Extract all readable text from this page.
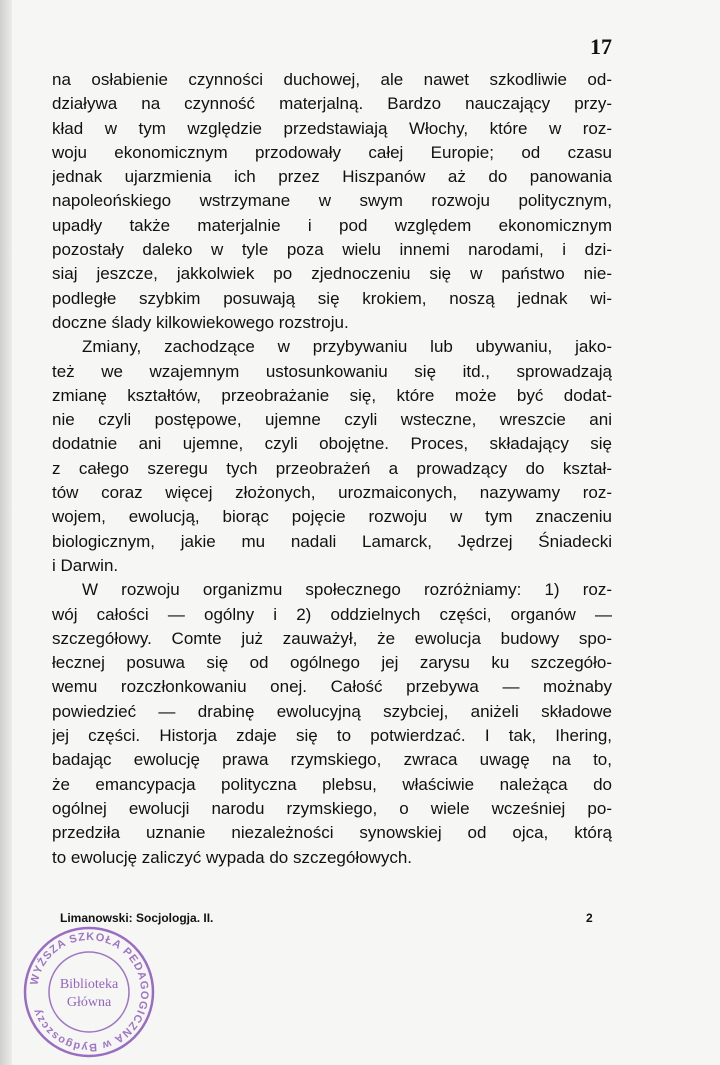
17
na osłabienie czynności duchowej, ale nawet szkodliwie od-
działywa na czynność materjalną. Bardzo nauczający przy-
kład w tym względzie przedstawiają Włochy, które w roz-
woju ekonomicznym przodowały całej Europie; od czasu
jednak ujarzmienia ich przez Hiszpanów aż do panowania
napoleońskiego wstrzymane w swym rozwoju politycznym,
upadły także materjalnie i pod względem ekonomicznym
pozostały daleko w tyle poza wielu innemi narodami, i dzi-
siaj jeszcze, jakkolwiek po zjednoczeniu się w państwo nie-
podległe szybkim posuwają się krokiem, noszą jednak wi-
doczne ślady kilkowiekowego rozstroju.
Zmiany, zachodzące w przybywaniu lub ubywaniu, jako-
też we wzajemnym ustosunkowaniu się itd., sprowadzają
zmianę kształtów, przeobrażanie się, które może być dodat-
nie czyli postępowe, ujemne czyli wsteczne, wreszcie ani
dodatnie ani ujemne, czyli obojętne. Proces, składający się
z całego szeregu tych przeobrażeń a prowadzący do kształ-
tów coraz więcej złożonych, urozmaiconych, nazywamy roz-
wojem, ewolucją, biorąc pojęcie rozwoju w tym znaczeniu
biologicznym, jakie mu nadali Lamarck, Jędrzej Śniadecki
i Darwin.
W rozwoju organizmu społecznego rozróżniamy: 1) roz-
wój całości — ogólny i 2) oddzielnych części, organów —
szczegółowy. Comte już zauważył, że ewolucja budowy spo-
łecznej posuwa się od ogólnego jej zarysu ku szczegóło-
wemu rozczłonkowaniu onej. Całość przebywa — możnaby
powiedzieć — drabinę ewolucyjną szybciej, aniżeli składowe
jej części. Historja zdaje się to potwierdzać. I tak, Ihering,
badając ewolucję prawa rzymskiego, zwraca uwagę na to,
że emancypacja polityczna plebsu, właściwie należąca do
ogólnej ewolucji narodu rzymskiego, o wiele wcześniej po-
przedziła uznanie niezależności synowskiej od ojca, którą
to ewolucję zaliczyć wypada do szczegółowych.
Limanowski: Socjologja. II.	2
WYŻSZA SZKOŁA PEDAGOGICZNA w Bydgoszczy
Biblioteka
Główna
